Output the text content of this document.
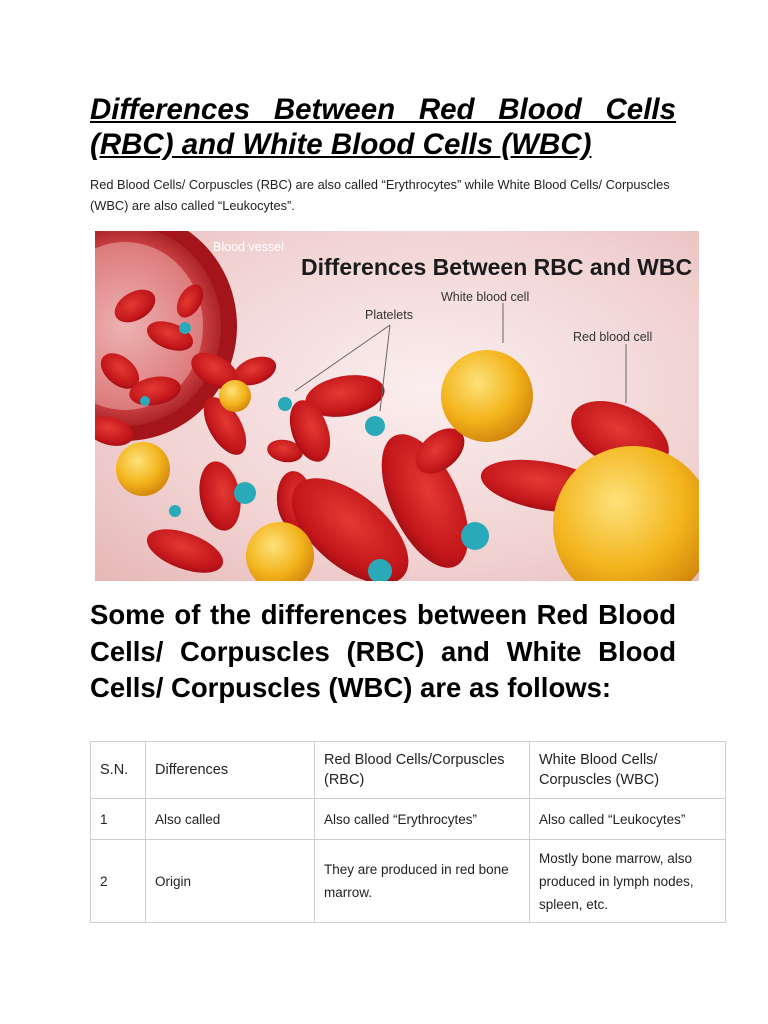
Differences Between Red Blood Cells (RBC) and White Blood Cells (WBC)

Red Blood Cells/ Corpuscles (RBC) are also called “Erythrocytes” while White Blood Cells/ Corpuscles (WBC) are also called “Leukocytes”.

Differences Between RBC and WBC
Blood vessel
Platelets
White blood cell
Red blood cell
Some of the differences between Red Blood Cells/ Corpuscles (RBC) and White Blood Cells/ Corpuscles (WBC) are as follows:
S.N.	Differences	Red Blood Cells/Corpuscles (RBC)	White Blood Cells/ Corpuscles (WBC)
1	Also called	Also called “Erythrocytes”	Also called “Leukocytes”
2	Origin	They are produced in red bone marrow.	Mostly bone marrow, also produced in lymph nodes, spleen, etc.
